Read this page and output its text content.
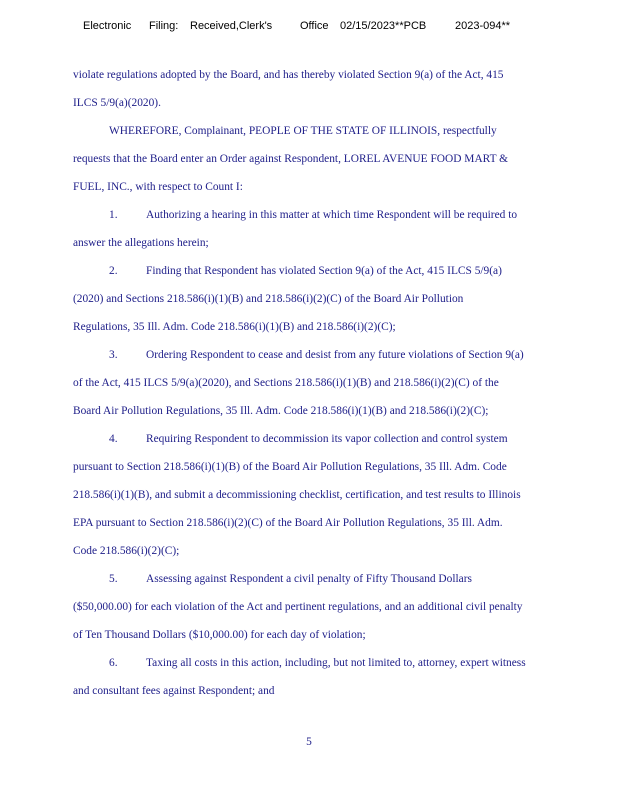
Electronic Filing: Received,Clerk's	Office 02/15/2023**PCB	2023-094**
violate regulations adopted by the Board, and has thereby violated Section 9(a) of the Act, 415
ILCS 5/9(a)(2020).
WHEREFORE, Complainant, PEOPLE OF THE STATE OF ILLINOIS, respectfully
requests that the Board enter an Order against Respondent, LOREL AVENUE FOOD MART &
FUEL, INC., with respect to Count I:
1. Authorizing a hearing in this matter at which time Respondent will be required to
answer the allegations herein;
2. Finding that Respondent has violated Section 9(a) of the Act, 415 ILCS 5/9(a)
(2020) and Sections 218.586(i)(1)(B) and 218.586(i)(2)(C) of the Board Air Pollution
Regulations, 35 Ill. Adm. Code 218.586(i)(1)(B) and 218.586(i)(2)(C);
3. Ordering Respondent to cease and desist from any future violations of Section 9(a)
of the Act, 415 ILCS 5/9(a)(2020), and Sections 218.586(i)(1)(B) and 218.586(i)(2)(C) of the
Board Air Pollution Regulations, 35 Ill. Adm. Code 218.586(i)(1)(B) and 218.586(i)(2)(C);
4. Requiring Respondent to decommission its vapor collection and control system
pursuant to Section 218.586(i)(1)(B) of the Board Air Pollution Regulations, 35 Ill. Adm. Code
218.586(i)(1)(B), and submit a decommissioning checklist, certification, and test results to Illinois
EPA pursuant to Section 218.586(i)(2)(C) of the Board Air Pollution Regulations, 35 Ill. Adm.
Code 218.586(i)(2)(C);
5. Assessing against Respondent a civil penalty of Fifty Thousand Dollars
($50,000.00) for each violation of the Act and pertinent regulations, and an additional civil penalty
of Ten Thousand Dollars ($10,000.00) for each day of violation;
6. Taxing all costs in this action, including, but not limited to, attorney, expert witness
and consultant fees against Respondent; and
5
